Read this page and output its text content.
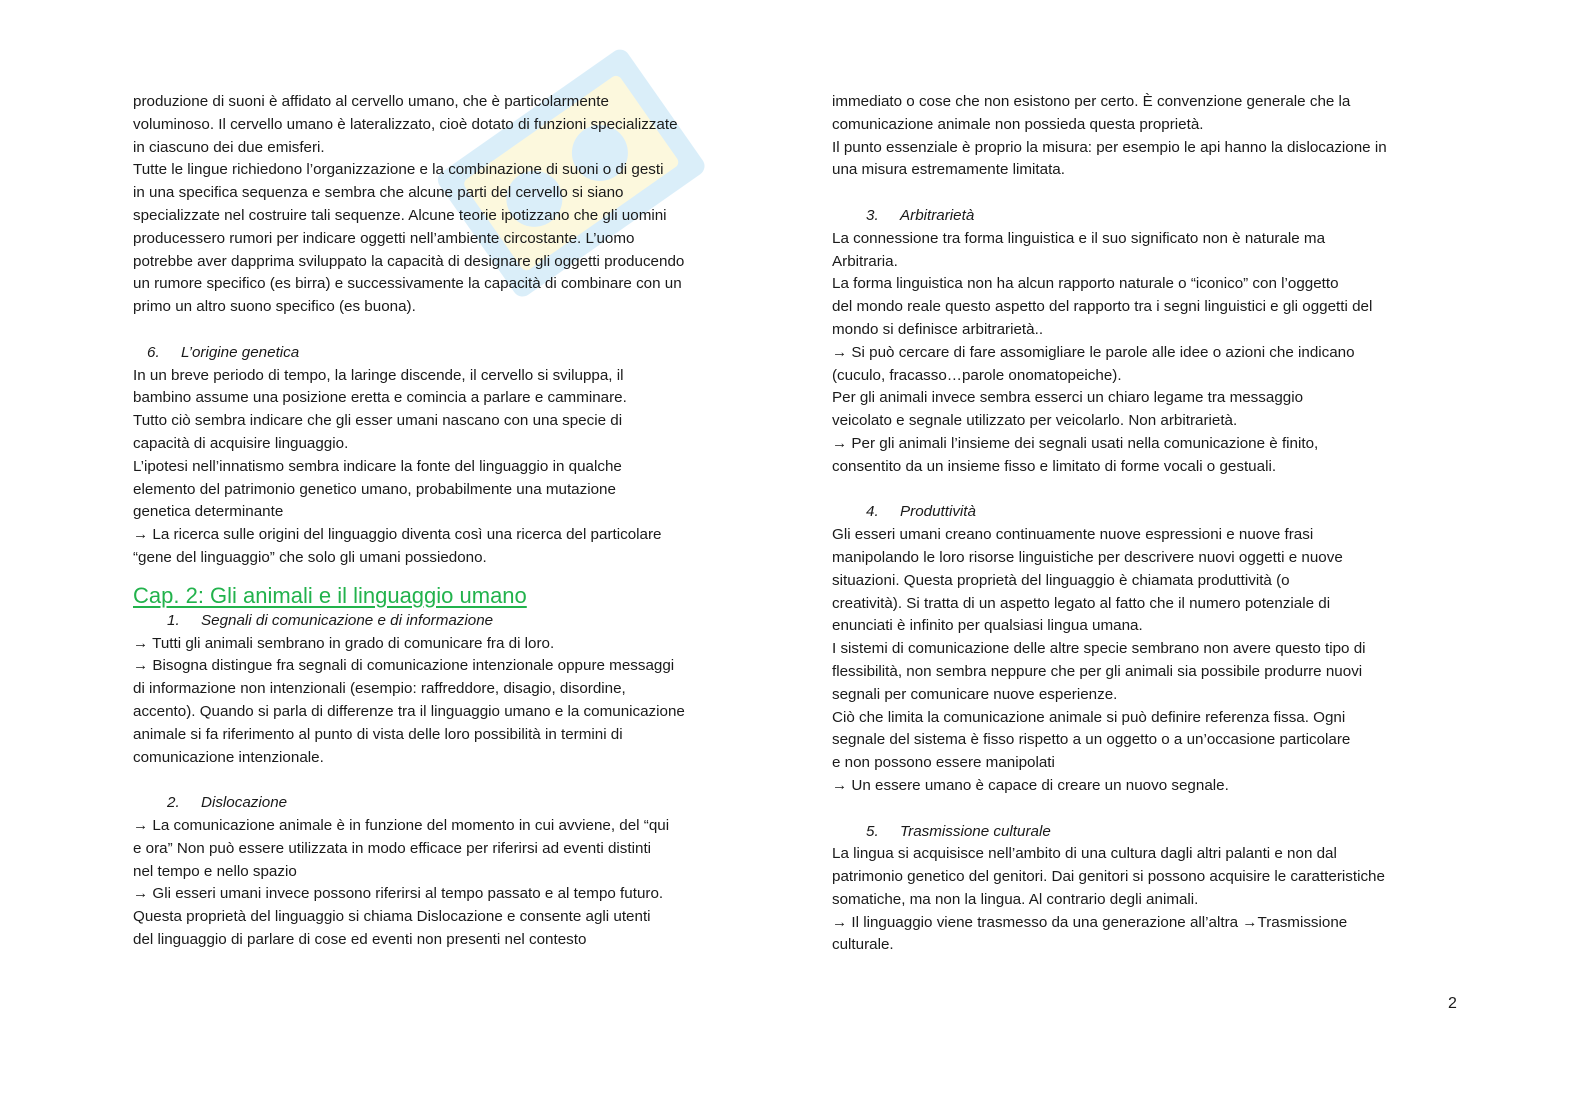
produzione di suoni è affidato al cervello umano, che è particolarmente
voluminoso. Il cervello umano è lateralizzato, cioè dotato di funzioni specializzate
in ciascuno dei due emisferi.
Tutte le lingue richiedono l’organizzazione e la combinazione di suoni o di gesti
in una specifica sequenza e sembra che alcune parti del cervello si siano
specializzate nel costruire tali sequenze. Alcune teorie ipotizzano che gli uomini
producessero rumori per indicare oggetti nell’ambiente circostante. L’uomo
potrebbe aver dapprima sviluppato la capacità di designare gli oggetti producendo
un rumore specifico (es birra) e successivamente la capacità di combinare con un
primo un altro suono specifico (es buona).
6. L’origine genetica
In un breve periodo di tempo, la laringe discende, il cervello si sviluppa, il
bambino assume una posizione eretta e comincia a parlare e camminare.
Tutto ciò sembra indicare che gli esser umani nascano con una specie di
capacità di acquisire linguaggio.
L’ipotesi nell’innatismo sembra indicare la fonte del linguaggio in qualche
elemento del patrimonio genetico umano, probabilmente una mutazione
genetica determinante
→ La ricerca sulle origini del linguaggio diventa così una ricerca del particolare
“gene del linguaggio” che solo gli umani possiedono.
Cap. 2: Gli animali e il linguaggio umano
1. Segnali di comunicazione e di informazione
→ Tutti gli animali sembrano in grado di comunicare fra di loro.
→ Bisogna distingue fra segnali di comunicazione intenzionale oppure messaggi
di informazione non intenzionali (esempio: raffreddore, disagio, disordine,
accento). Quando si parla di differenze tra il linguaggio umano e la comunicazione
animale si fa riferimento al punto di vista delle loro possibilità in termini di
comunicazione intenzionale.
2. Dislocazione
→ La comunicazione animale è in funzione del momento in cui avviene, del “qui
e ora” Non può essere utilizzata in modo efficace per riferirsi ad eventi distinti
nel tempo e nello spazio
→ Gli esseri umani invece possono riferirsi al tempo passato e al tempo futuro.
Questa proprietà del linguaggio si chiama Dislocazione e consente agli utenti
del linguaggio di parlare di cose ed eventi non presenti nel contesto
immediato o cose che non esistono per certo. È convenzione generale che la
comunicazione animale non possieda questa proprietà.
Il punto essenziale è proprio la misura: per esempio le api hanno la dislocazione in
una misura estremamente limitata.
3. Arbitrarietà
La connessione tra forma linguistica e il suo significato non è naturale ma
Arbitraria.
La forma linguistica non ha alcun rapporto naturale o “iconico” con l’oggetto
del mondo reale questo aspetto del rapporto tra i segni linguistici e gli oggetti del
mondo si definisce arbitrarietà..
→ Si può cercare di fare assomigliare le parole alle idee o azioni che indicano
(cuculo, fracasso…parole onomatopeiche).
Per gli animali invece sembra esserci un chiaro legame tra messaggio
veicolato e segnale utilizzato per veicolarlo. Non arbitrarietà.
→ Per gli animali l’insieme dei segnali usati nella comunicazione è finito,
consentito da un insieme fisso e limitato di forme vocali o gestuali.
4. Produttività
Gli esseri umani creano continuamente nuove espressioni e nuove frasi
manipolando le loro risorse linguistiche per descrivere nuovi oggetti e nuove
situazioni. Questa proprietà del linguaggio è chiamata produttività (o
creatività). Si tratta di un aspetto legato al fatto che il numero potenziale di
enunciati è infinito per qualsiasi lingua umana.
I sistemi di comunicazione delle altre specie sembrano non avere questo tipo di
flessibilità, non sembra neppure che per gli animali sia possibile produrre nuovi
segnali per comunicare nuove esperienze.
Ciò che limita la comunicazione animale si può definire referenza fissa. Ogni
segnale del sistema è fisso rispetto a un oggetto o a un’occasione particolare
e non possono essere manipolati
→ Un essere umano è capace di creare un nuovo segnale.
5. Trasmissione culturale
La lingua si acquisisce nell’ambito di una cultura dagli altri palanti e non dal
patrimonio genetico del genitori. Dai genitori si possono acquisire le caratteristiche
somatiche, ma non la lingua. Al contrario degli animali.
→ Il linguaggio viene trasmesso da una generazione all’altra →Trasmissione
culturale.
2
